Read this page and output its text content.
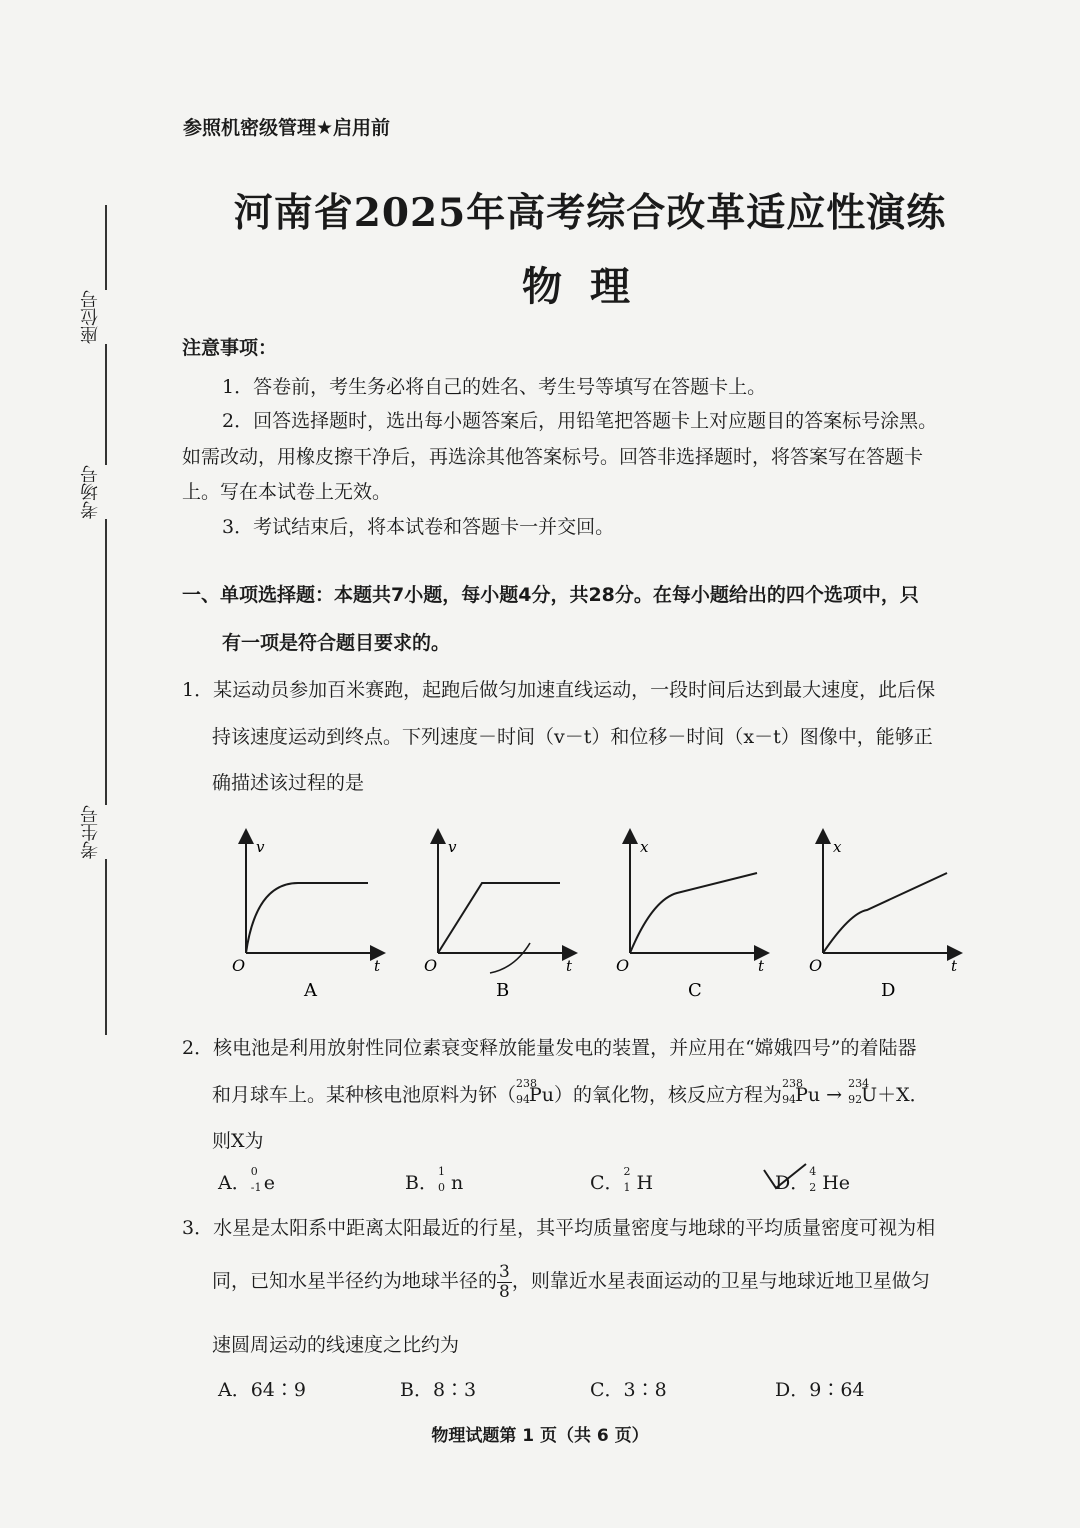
座位号
考场号
考生号
参照机密级管理★启用前
河南省2025年高考综合改革适应性演练
物理
注意事项：
1．答卷前，考生务必将自己的姓名、考生号等填写在答题卡上。
2．回答选择题时，选出每小题答案后，用铅笔把答题卡上对应题目的答案标号涂黑。
如需改动，用橡皮擦干净后，再选涂其他答案标号。回答非选择题时，将答案写在答题卡
上。写在本试卷上无效。
3．考试结束后，将本试卷和答题卡一并交回。
一、单项选择题：本题共7小题，每小题4分，共28分。在每小题给出的四个选项中，只
有一项是符合题目要求的。
1．某运动员参加百米赛跑，起跑后做匀加速直线运动，一段时间后达到最大速度，此后保
持该速度运动到终点。下列速度－时间（v－t）和位移－时间（x－t）图像中，能够正
确描述该过程的是
v
O	t
A
v
O	t
B
x
O	t
C
x
O	t
D
2．核电池是利用放射性同位素衰变释放能量发电的装置，并应用在“嫦娥四号”的着陆器
和月球车上。某种核电池原料为钚（
238
94 Pu）的氧化物，核反应方程为
238
94 Pu →
234
92 U＋X．
则X为
A．
0
-1 e	B．
1
0 n	C．
2
1 H	D．
4
2 He
3．水星是太阳系中距离太阳最近的行星，其平均质量密度与地球的平均质量密度可视为相
同，已知水星半径约为地球半径的 $\frac{3}{8}$ ，则靠近水星表面运动的卫星与地球近地卫星做匀
速圆周运动的线速度之比约为
A．64∶9	B．8∶3	C．3∶8	D．9∶64
物理试题第 1 页（共 6 页）
